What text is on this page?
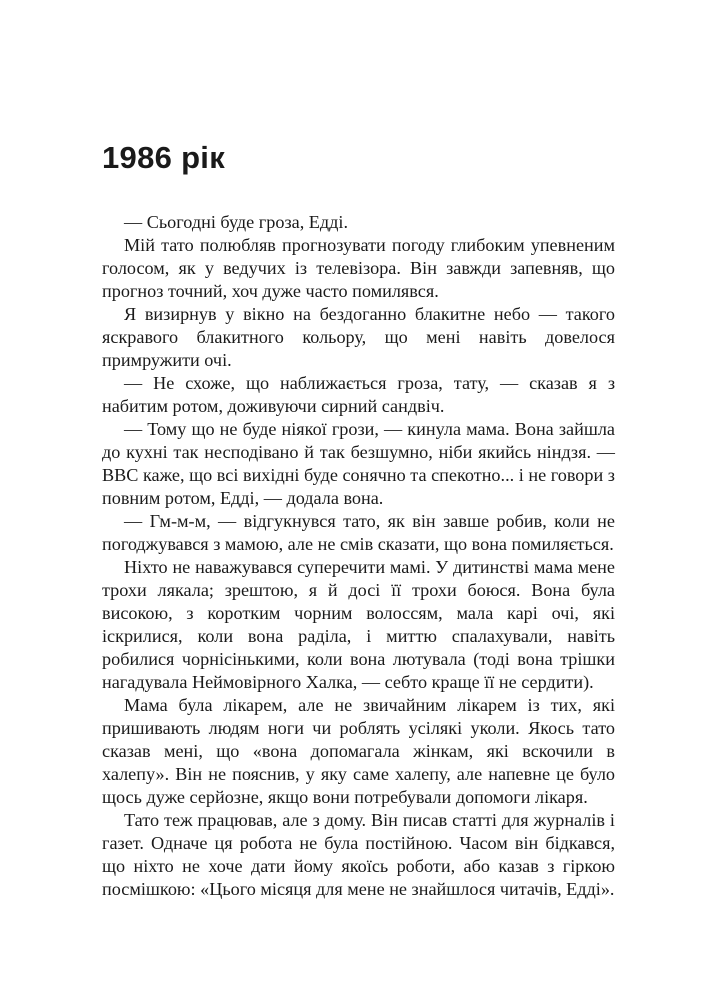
1986 рік

— Сьогодні буде гроза, Едді.

Мій тато полюбляв прогнозувати погоду глибоким упевненим голосом, як у ведучих із телевізора. Він завжди запевняв, що прогноз точний, хоч дуже часто помилявся.

Я визирнув у вікно на бездоганно блакитне небо — такого яскравого блакитного кольору, що мені навіть довелося примружити очі.

— Не схоже, що наближається гроза, тату, — сказав я з набитим ротом, доживуючи сирний сандвіч.

— Тому що не буде ніякої грози, — кинула мама. Вона зайшла до кухні так несподівано й так безшумно, ніби якийсь ніндзя. — BBC каже, що всі вихідні буде сонячно та спекотно... і не говори з повним ротом, Едді, — додала вона.

— Гм-м-м, — відгукнувся тато, як він завше робив, коли не погоджувався з мамою, але не смів сказати, що вона помиляється.

Ніхто не наважувався суперечити мамі. У дитинстві мама мене трохи лякала; зрештою, я й досі її трохи боюся. Вона була високою, з коротким чорним волоссям, мала карі очі, які іскрилися, коли вона раділа, і миттю спалахували, навіть робилися чорнісінькими, коли вона лютувала (тоді вона трішки нагадувала Неймовірного Халка, — себто краще її не сердити).

Мама була лікарем, але не звичайним лікарем із тих, які пришивають людям ноги чи роблять усілякі уколи. Якось тато сказав мені, що «вона допомагала жінкам, які вскочили в халепу». Він не пояснив, у яку саме халепу, але напевне це було щось дуже серйозне, якщо вони потребували допомоги лікаря.

Тато теж працював, але з дому. Він писав статті для журналів і газет. Одначе ця робота не була постійною. Часом він бідкався, що ніхто не хоче дати йому якоїсь роботи, або казав з гіркою посмішкою: «Цього місяця для мене не знайшлося читачів, Едді».
